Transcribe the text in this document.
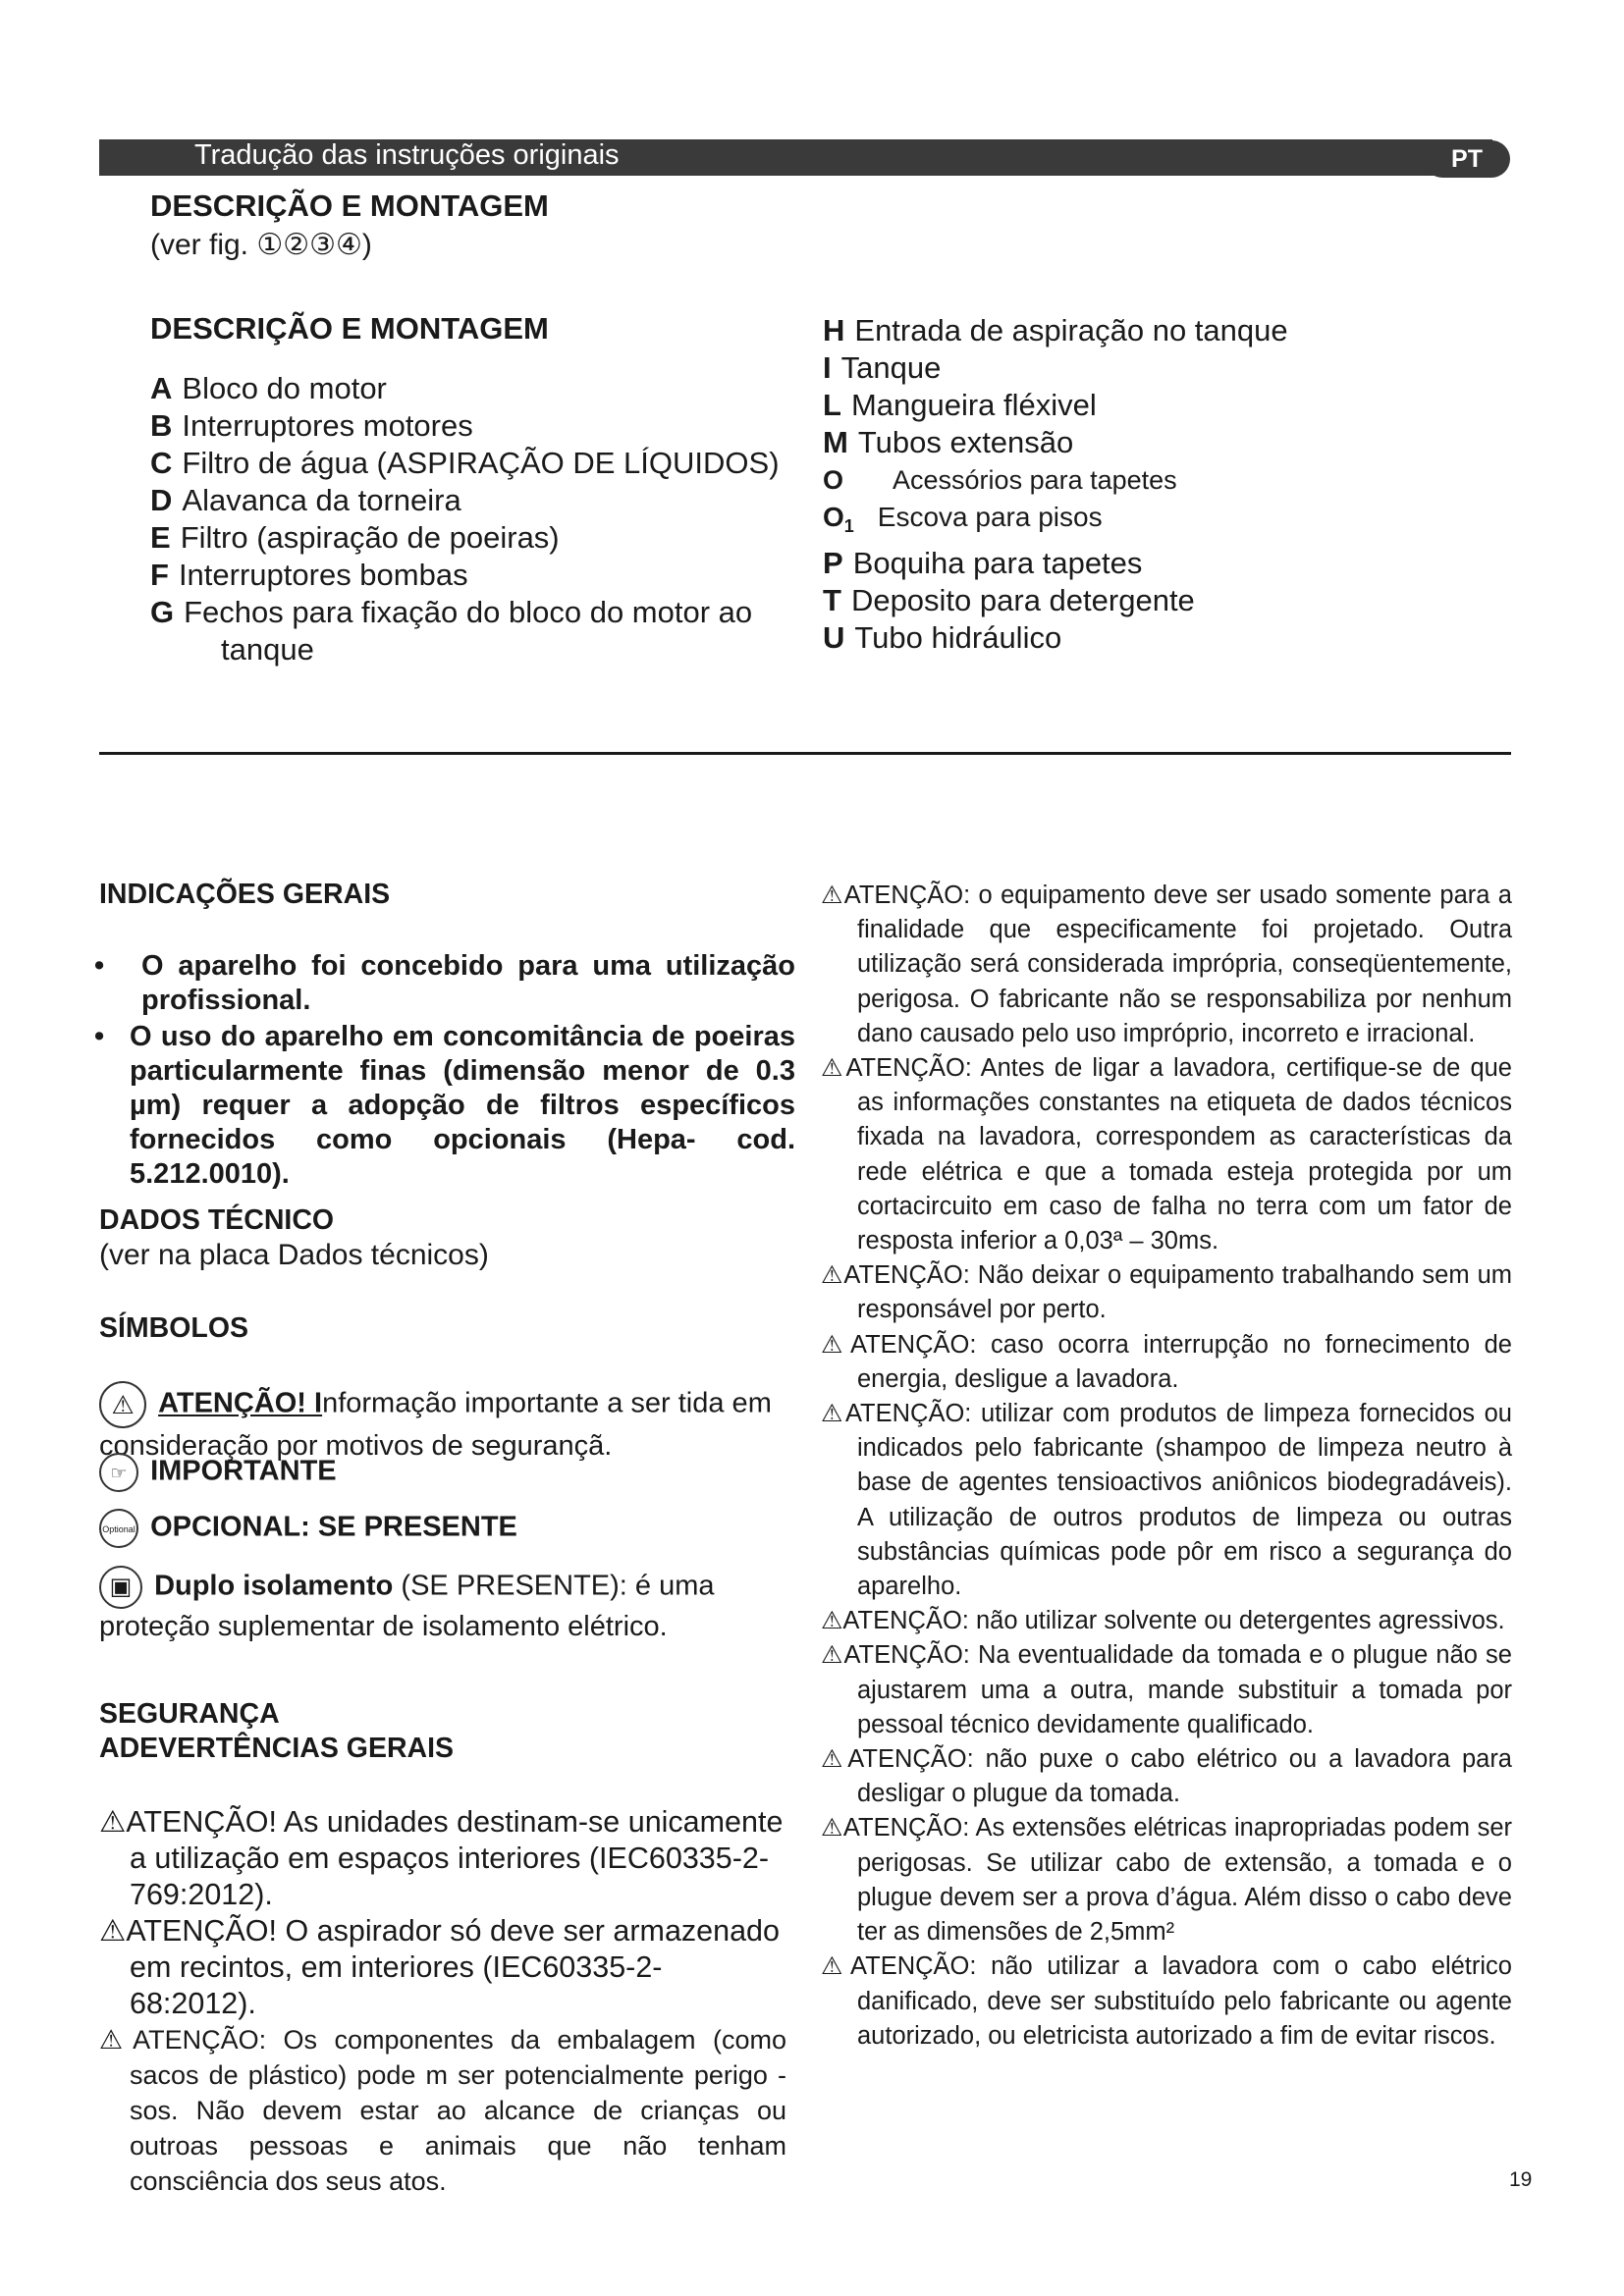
Tradução das instruções originais	PT
DESCRIÇÃO E MONTAGEM
(ver fig. ①②③④)
DESCRIÇÃO E MONTAGEM
A Bloco do motor
B Interruptores motores
C Filtro de água (ASPIRAÇÃO DE LÍQUIDOS)
D Alavanca da torneira
E Filtro (aspiração de poeiras)
F Interruptores bombas
G Fechos para fixação do bloco do motor ao
tanque
H Entrada de aspiração no tanque
I Tanque
L Mangueira fléxivel
M Tubos extensão
O Acessórios para tapetes
$O_1$ Escova para pisos
P Boquiha para tapetes
T Deposito para detergente
U Tubo hidráulico
INDICAÇÕES GERAIS
•	O aparelho foi concebido para uma utilização profissional.
• O uso do aparelho em concomitância de poeiras particularmente finas (dimensão menor de 0.3 µm) requer a adopção de filtros específicos fornecidos como opcionais (Hepa- cod. 5.212.0010).
DADOS TÉCNICO
(ver na placa Dados técnicos)
SÍMBOLOS
⚠ ATENÇÃO! Informação importante a ser tida em consideração por motivos de segurançã.
☞ IMPORTANTE
Optional OPCIONAL: SE PRESENTE
▣ Duplo isolamento (SE PRESENTE): é uma proteção suplementar de isolamento elétrico.
SEGURANÇA
ADEVERTÊNCIAS GERAIS

⚠ATENÇÃO! As unidades destinam-se unicamente a utilização em espaços interiores (IEC60335-2-769:2012).

⚠ATENÇÃO! O aspirador só deve ser armazenado em recintos, em interiores (IEC60335-2-68:2012).

⚠ATENÇÃO: Os componentes da embalagem (como sacos de plástico) pode m ser potencialmente perigo - sos. Não devem estar ao alcance de crianças ou outroas pessoas e animais que não tenham consciência dos seus atos.

⚠ATENÇÃO: o equipamento deve ser usado somente para a finalidade que especificamente foi projetado. Outra utilização será considerada imprópria, conseqüentemente, perigosa. O fabricante não se responsabiliza por nenhum dano causado pelo uso impróprio, incorreto e irracional.

⚠ATENÇÃO: Antes de ligar a lavadora, certifique-se de que as informações constantes na etiqueta de dados técnicos fixada na lavadora, correspondem as características da rede elétrica e que a tomada esteja protegida por um cortacircuito em caso de falha no terra com um fator de resposta inferior a 0,03ª – 30ms.

⚠ATENÇÃO: Não deixar o equipamento trabalhando sem um responsável por perto.

⚠ATENÇÃO: caso ocorra interrupção no fornecimento de energia, desligue a lavadora.

⚠ATENÇÃO: utilizar com produtos de limpeza fornecidos ou indicados pelo fabricante (shampoo de limpeza neutro à base de agentes tensioactivos aniônicos biodegradáveis). A utilização de outros produtos de limpeza ou outras substâncias químicas pode pôr em risco a segurança do aparelho.

⚠ATENÇÃO: não utilizar solvente ou detergentes agressivos.

⚠ATENÇÃO: Na eventualidade da tomada e o plugue não se ajustarem uma a outra, mande substituir a tomada por pessoal técnico devidamente qualificado.

⚠ATENÇÃO: não puxe o cabo elétrico ou a lavadora para desligar o plugue da tomada.

⚠ATENÇÃO: As extensões elétricas inapropriadas podem ser perigosas. Se utilizar cabo de extensão, a tomada e o plugue devem ser a prova d’água. Além disso o cabo deve ter as dimensões de 2,5mm²

⚠ATENÇÃO: não utilizar a lavadora com o cabo elétrico danificado, deve ser substituído pelo fabricante ou agente autorizado, ou eletricista autorizado a fim de evitar riscos.

19
